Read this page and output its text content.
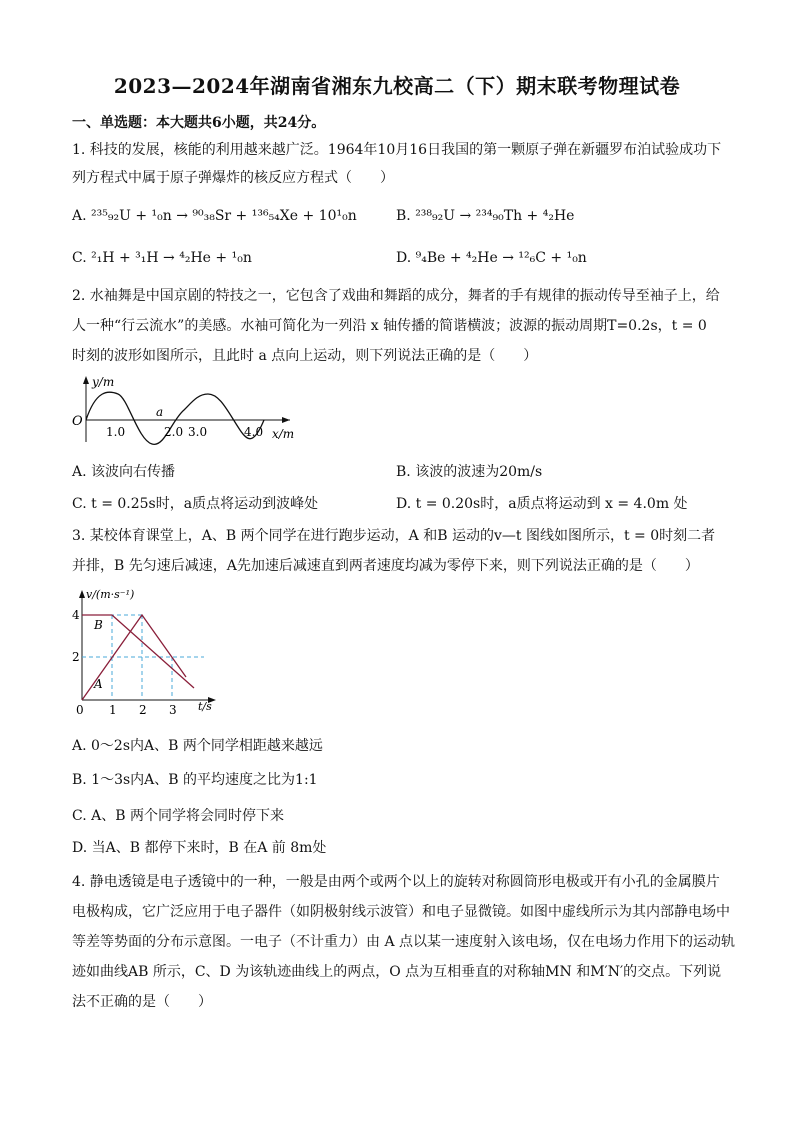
2023—2024年湖南省湘东九校高二（下）期末联考物理试卷
一、单选题：本大题共6小题，共24分。
1. 科技的发展，核能的利用越来越广泛。1964年10月16日我国的第一颗原子弹在新疆罗布泊试验成功下
列方程式中属于原子弹爆炸的核反应方程式（　　）
A. ²³⁵₉₂U + ¹₀n → ⁹⁰₃₈Sr + ¹³⁶₅₄Xe + 10¹₀n	B. ²³⁸₉₂U → ²³⁴₉₀Th + ⁴₂He
C. ²₁H + ³₁H → ⁴₂He + ¹₀n	D. ⁹₄Be + ⁴₂He → ¹²₆C + ¹₀n
2. 水袖舞是中国京剧的特技之一，它包含了戏曲和舞蹈的成分，舞者的手有规律的振动传导至袖子上，给
人一种“行云流水”的美感。水袖可简化为一列沿 x 轴传播的简谐横波；波源的振动周期T=0.2s，t = 0
时刻的波形如图所示，且此时 a 点向上运动，则下列说法正确的是（　　）
y/m
O
a
1.0	2.0 3.0	4.0 x/m
A. 该波向右传播	B. 该波的波速为20m/s
C. t = 0.25s时，a质点将运动到波峰处	D. t = 0.20s时，a质点将运动到 x = 4.0m 处
3. 某校体育课堂上，A、B 两个同学在进行跑步运动，A 和B 运动的v—t 图线如图所示，t = 0时刻二者
并排，B 先匀速后减速，A先加速后减速直到两者速度均减为零停下来，则下列说法正确的是（　　）
v/(m·s⁻¹)
4
2
0 1 2 3 t/s
B
A
A. 0～2s内A、B 两个同学相距越来越远
B. 1～3s内A、B 的平均速度之比为1:1
C. A、B 两个同学将会同时停下来
D. 当A、B 都停下来时，B 在A 前 8m处
4. 静电透镜是电子透镜中的一种，一般是由两个或两个以上的旋转对称圆筒形电极或开有小孔的金属膜片
电极构成，它广泛应用于电子器件（如阴极射线示波管）和电子显微镜。如图中虚线所示为其内部静电场中
等差等势面的分布示意图。一电子（不计重力）由 A 点以某一速度射入该电场，仅在电场力作用下的运动轨
迹如曲线AB 所示，C、D 为该轨迹曲线上的两点，O 点为互相垂直的对称轴MN 和M′N′的交点。下列说
法不正确的是（　　）
